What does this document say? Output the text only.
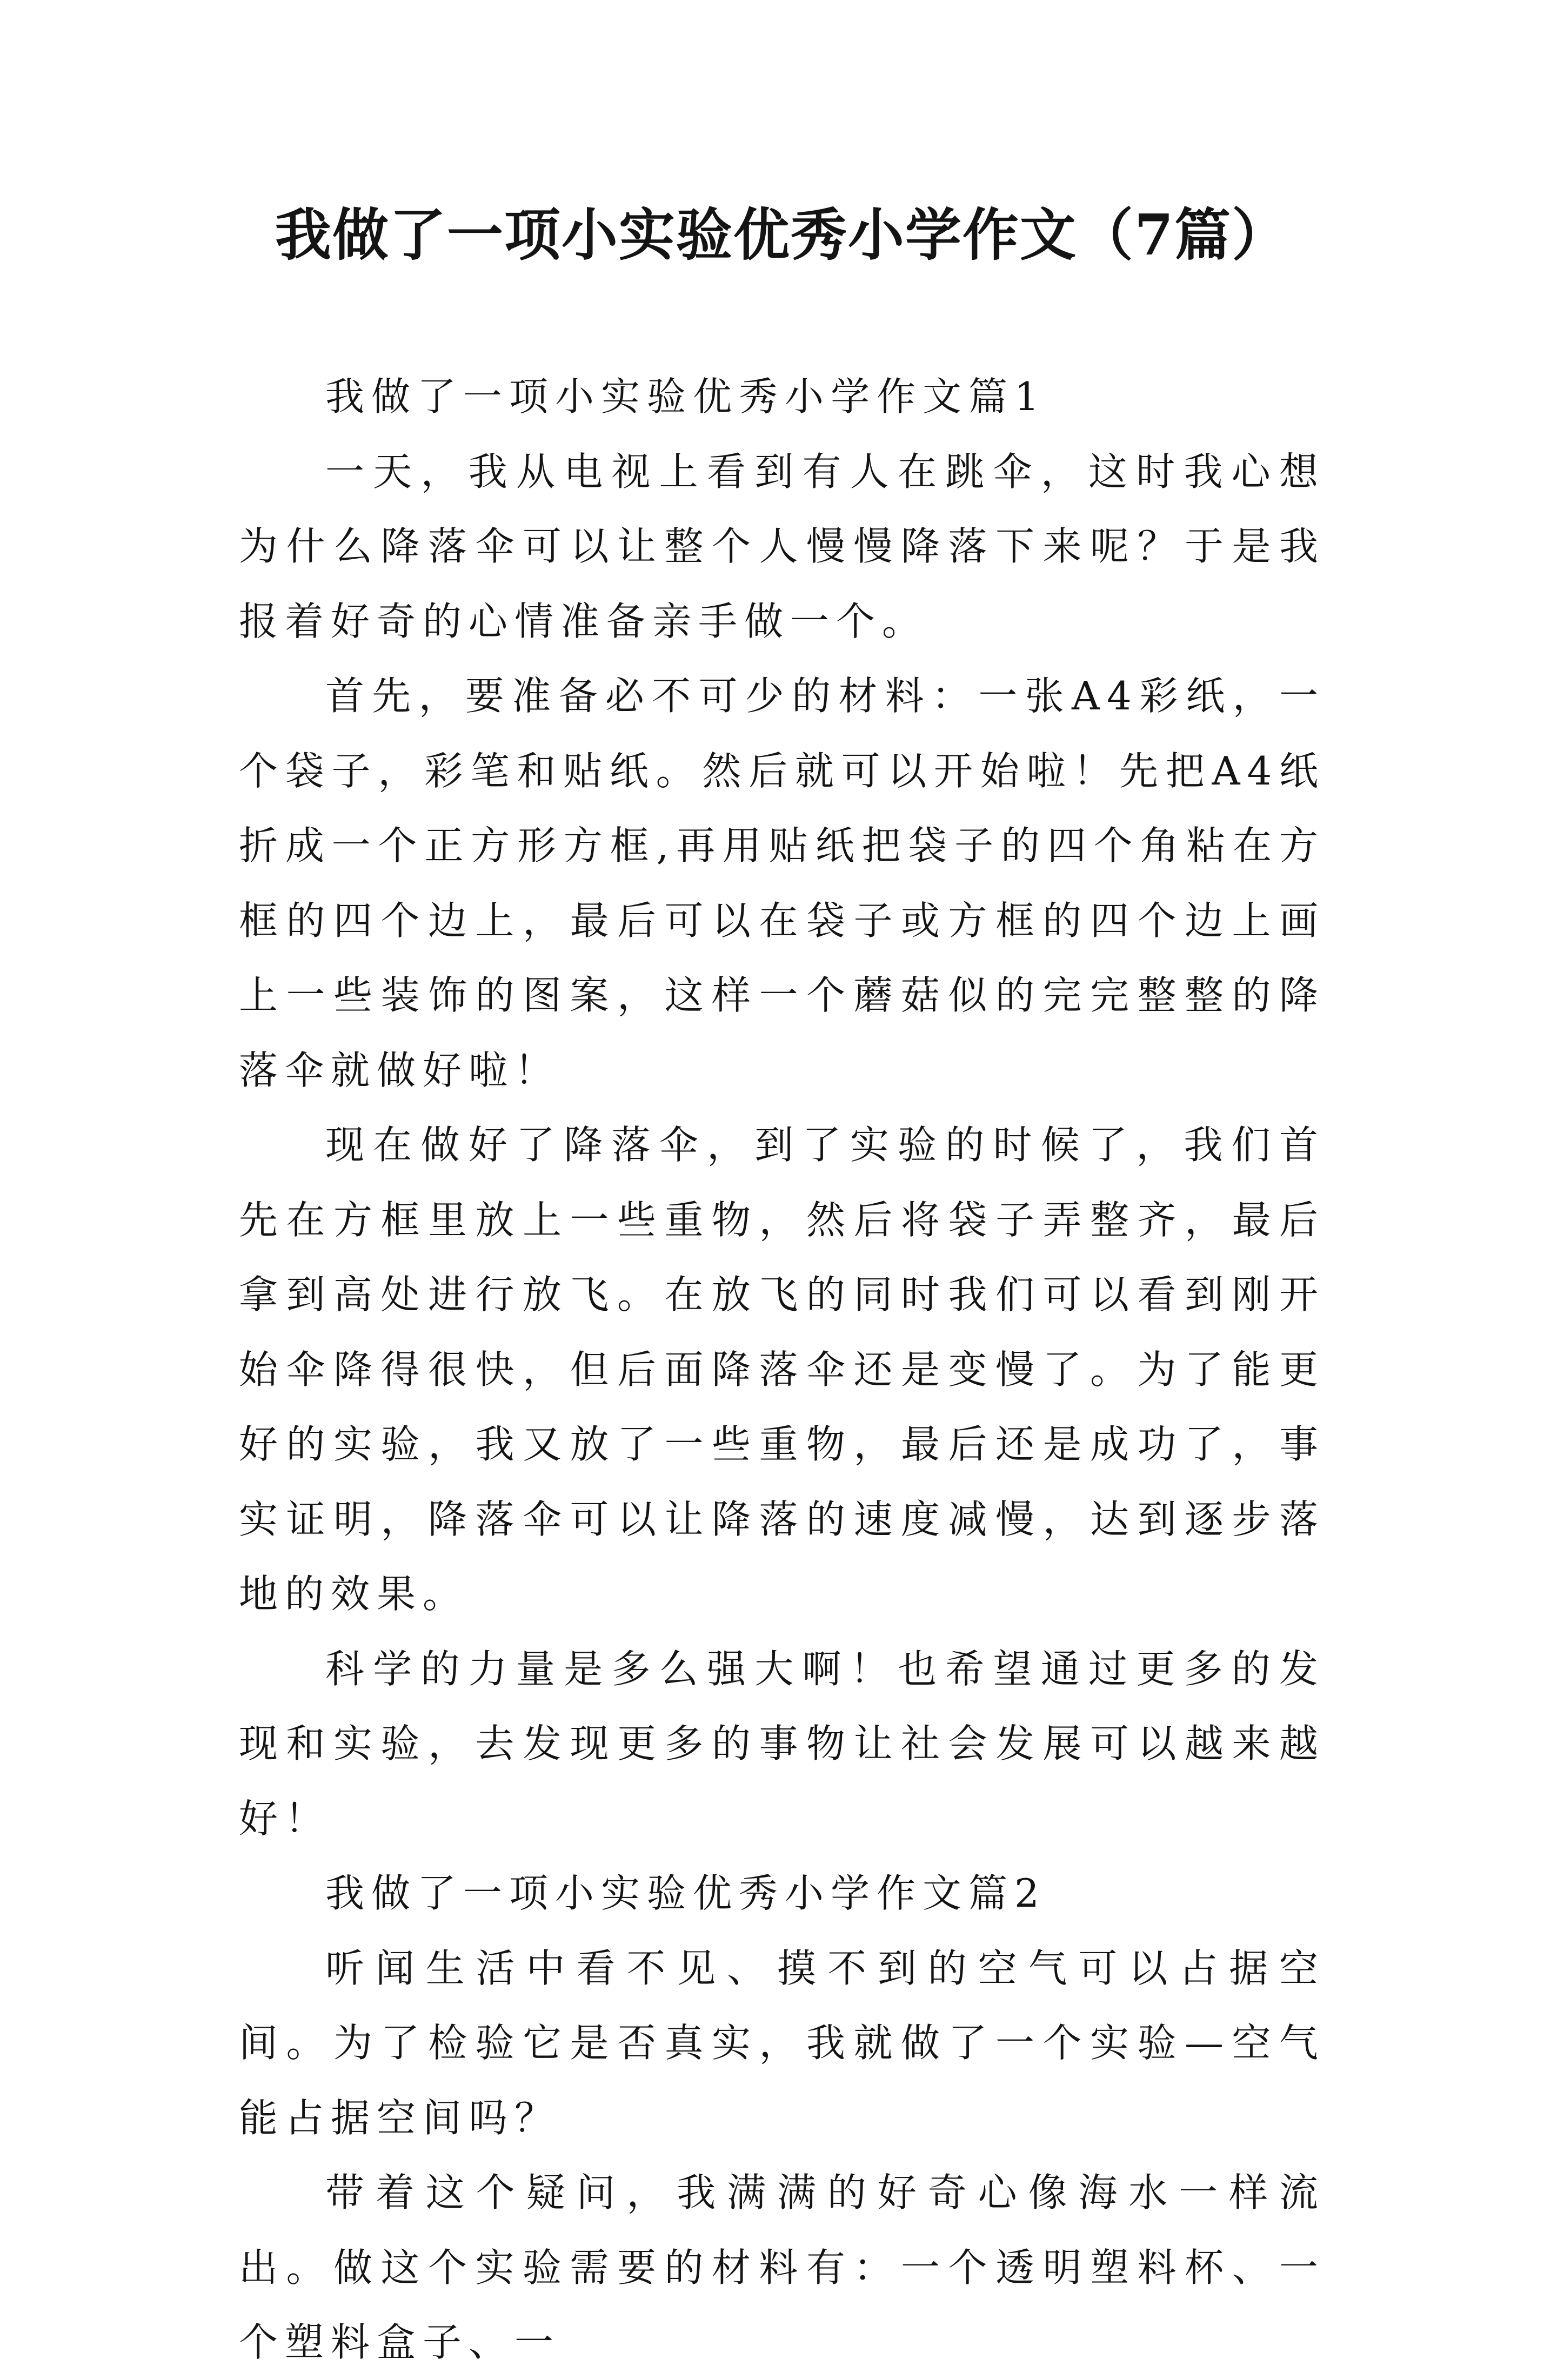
我做了一项小实验优秀小学作文（7篇）

我做了一项小实验优秀小学作文篇1

一天，我从电视上看到有人在跳伞，这时我心想为什么降落伞可以让整个人慢慢降落下来呢？于是我报着好奇的心情准备亲手做一个。

首先，要准备必不可少的材料：一张A4彩纸，一个袋子，彩笔和贴纸。然后就可以开始啦！先把A4纸折成一个正方形方框,再用贴纸把袋子的四个角粘在方框的四个边上，最后可以在袋子或方框的四个边上画上一些装饰的图案，这样一个蘑菇似的完完整整的降落伞就做好啦！

现在做好了降落伞，到了实验的时候了，我们首先在方框里放上一些重物，然后将袋子弄整齐，最后拿到高处进行放飞。在放飞的同时我们可以看到刚开始伞降得很快，但后面降落伞还是变慢了。为了能更好的实验，我又放了一些重物，最后还是成功了，事实证明，降落伞可以让降落的速度减慢，达到逐步落地的效果。

科学的力量是多么强大啊！也希望通过更多的发现和实验，去发现更多的事物让社会发展可以越来越好！

我做了一项小实验优秀小学作文篇2

听闻生活中看不见、摸不到的空气可以占据空间。为了检验它是否真实，我就做了一个实验—空气能占据空间吗？

带着这个疑问，我满满的好奇心像海水一样流出。做这个实验需要的材料有：一个透明塑料杯、一个塑料盒子、一
